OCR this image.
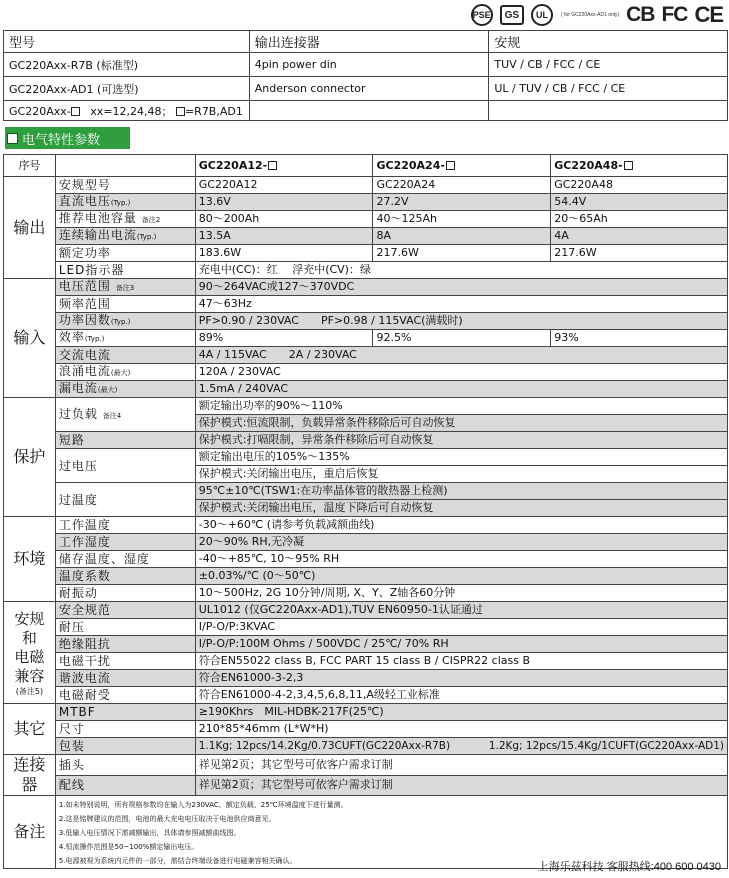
PSE	GS	UL	( for GC220Axx-AD1 only) CB FC CE
型号	输出连接器	安规
GC220Axx-R7B (标准型)	4pin power din	TUV / CB / FCC / CE
GC220Axx-AD1 (可选型)	Anderson connector	UL / TUV / CB / FCC / CE
GC220Axx- xx=12,24,48； =R7B,AD1		
电气特性参数
序号		GC220A12-	GC220A24-	GC220A48-
输出	安规型号	GC220A12	GC220A24	GC220A48
	直流电压(Typ.)	13.6V	27.2V	54.4V
	推荐电池容量 备注2	80～200Ah	40～125Ah	20～65Ah
	连续输出电流(Typ.)	13.5A	8A	4A
	额定功率	183.6W	217.6W	217.6W
	LED指示器	充电中(CC)：红　 浮充中(CV)：绿		
输入	电压范围 备注3	90～264VAC或127～370VDC		
	频率范围	47～63Hz		
	功率因数(Typ.)	PF>0.90 / 230VAC　　PF>0.98 / 115VAC(满载时)		
	效率(Typ.)	89%	92.5%	93%
	交流电流	4A / 115VAC　　2A / 230VAC		
	浪涌电流(最大)	120A / 230VAC		
	漏电流(最大)	1.5mA / 240VAC		
保护	过负载 备注4	额定输出功率的90%～110%		
		保护模式:恒流限制，负载异常条件移除后可自动恢复		
	短路	保护模式:打嗝限制，异常条件移除后可自动恢复		
	过电压	额定输出电压的105%～135%		
		保护模式:关闭输出电压，重启后恢复		
	过温度	95℃±10℃(TSW1:在功率晶体管的散热器上检测)		
		保护模式:关闭输出电压，温度下降后可自动恢复		
环境	工作温度	-30～+60℃ (请参考负载减额曲线)		
	工作湿度	20～90% RH,无冷凝		
	储存温度、湿度	-40～+85℃, 10～95% RH		
	温度系数	±0.03%/℃ (0～50℃)		
	耐振动	10～500Hz, 2G 10分钟/周期, X、Y、Z轴各60分钟		

安规
和
电磁
兼容
(备注5)	安全规范	UL1012 (仅GC220Axx-AD1),TUV EN60950-1认证通过		
	耐压	I/P-O/P:3KVAC		
	绝缘阻抗	I/P-O/P:100M Ohms / 500VDC / 25℃/ 70% RH		
	电磁干扰	符合EN55022 class B, FCC PART 15 class B / CISPR22 class B		
	谐波电流	符合EN61000-3-2,3		
	电磁耐受	符合EN61000-4-2,3,4,5,6,8,11,A级轻工业标准		
其它	MTBF	≥190Khrs　MIL-HDBK-217F(25℃)		
	尺寸	210*85*46mm (L*W*H)		
	包装	1.1Kg; 12pcs/14.2Kg/0.73CUFT(GC220Axx-R7B) 1.2Kg; 12pcs/15.4Kg/1CUFT(GC220Axx-AD1)		

连接器	插头	祥见第2页；其它型号可依客户需求订制		
	配线	祥见第2页；其它型号可依客户需求订制		
备注	1.如未特别说明，所有规格参数均在输入为230VAC、额定负载、25℃环境温度下进行量测。
2.这是铭牌建议的范围，电池的最大充电电压取决于电池供应商意见。
3.低输入电压情况下需减额输出，具体请参照减额曲线图。
4.恒流操作范围是50~100%额定输出电压。
5.电源被视为系统内元件的一部分，需结合终端设备进行电磁兼容相关确认。				上海乐兹科技 客服热线:400 600 0430
